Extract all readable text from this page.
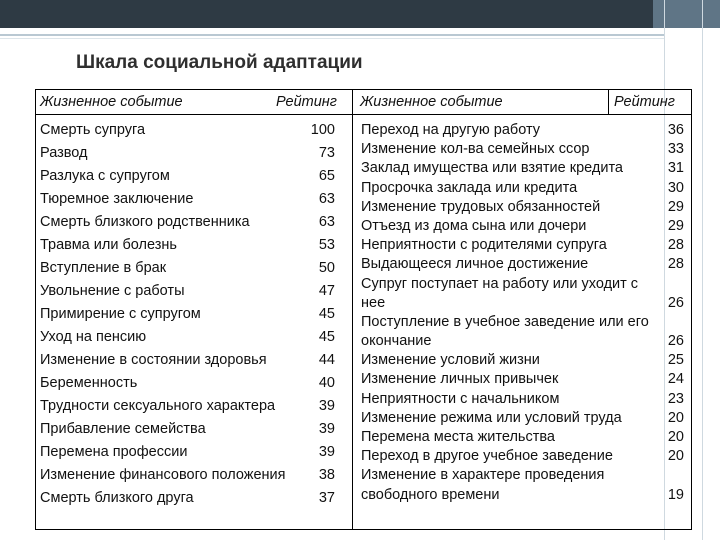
Шкала социальной адаптации
Жизненное событие	Рейтинг Жизненное событие	Рейтинг
Смерть супруга	100
Развод	73
Разлука с супругом	65
Тюремное заключение	63
Смерть близкого родственника	63
Травма или болезнь	53
Вступление в брак	50
Увольнение с работы	47
Примирение с супругом	45
Уход на пенсию	45
Изменение в состоянии здоровья	44
Беременность	40
Трудности сексуального характера	39
Прибавление семейства	39
Перемена профессии	39
Изменение финансового положения 38
Смерть близкого друга	37
Переход на другую работу	36
Изменение кол-ва семейных ссор	33
Заклад имущества или взятие кредита	31
Просрочка заклада или кредита	30
Изменение трудовых обязанностей	29
Отъезд из дома сына или дочери	29
Неприятности с родителями супруга	28
Выдающееся личное достижение	28
Супруг поступает на работу или уходит с
нее	26
Поступление в учебное заведение или его
окончание	26
Изменение условий жизни	25
Изменение личных привычек	24
Неприятности с начальником	23
Изменение режима или условий труда	20
Перемена места жительства	20
Переход в другое учебное заведение	20
Изменение в характере проведения
свободного времени	19
